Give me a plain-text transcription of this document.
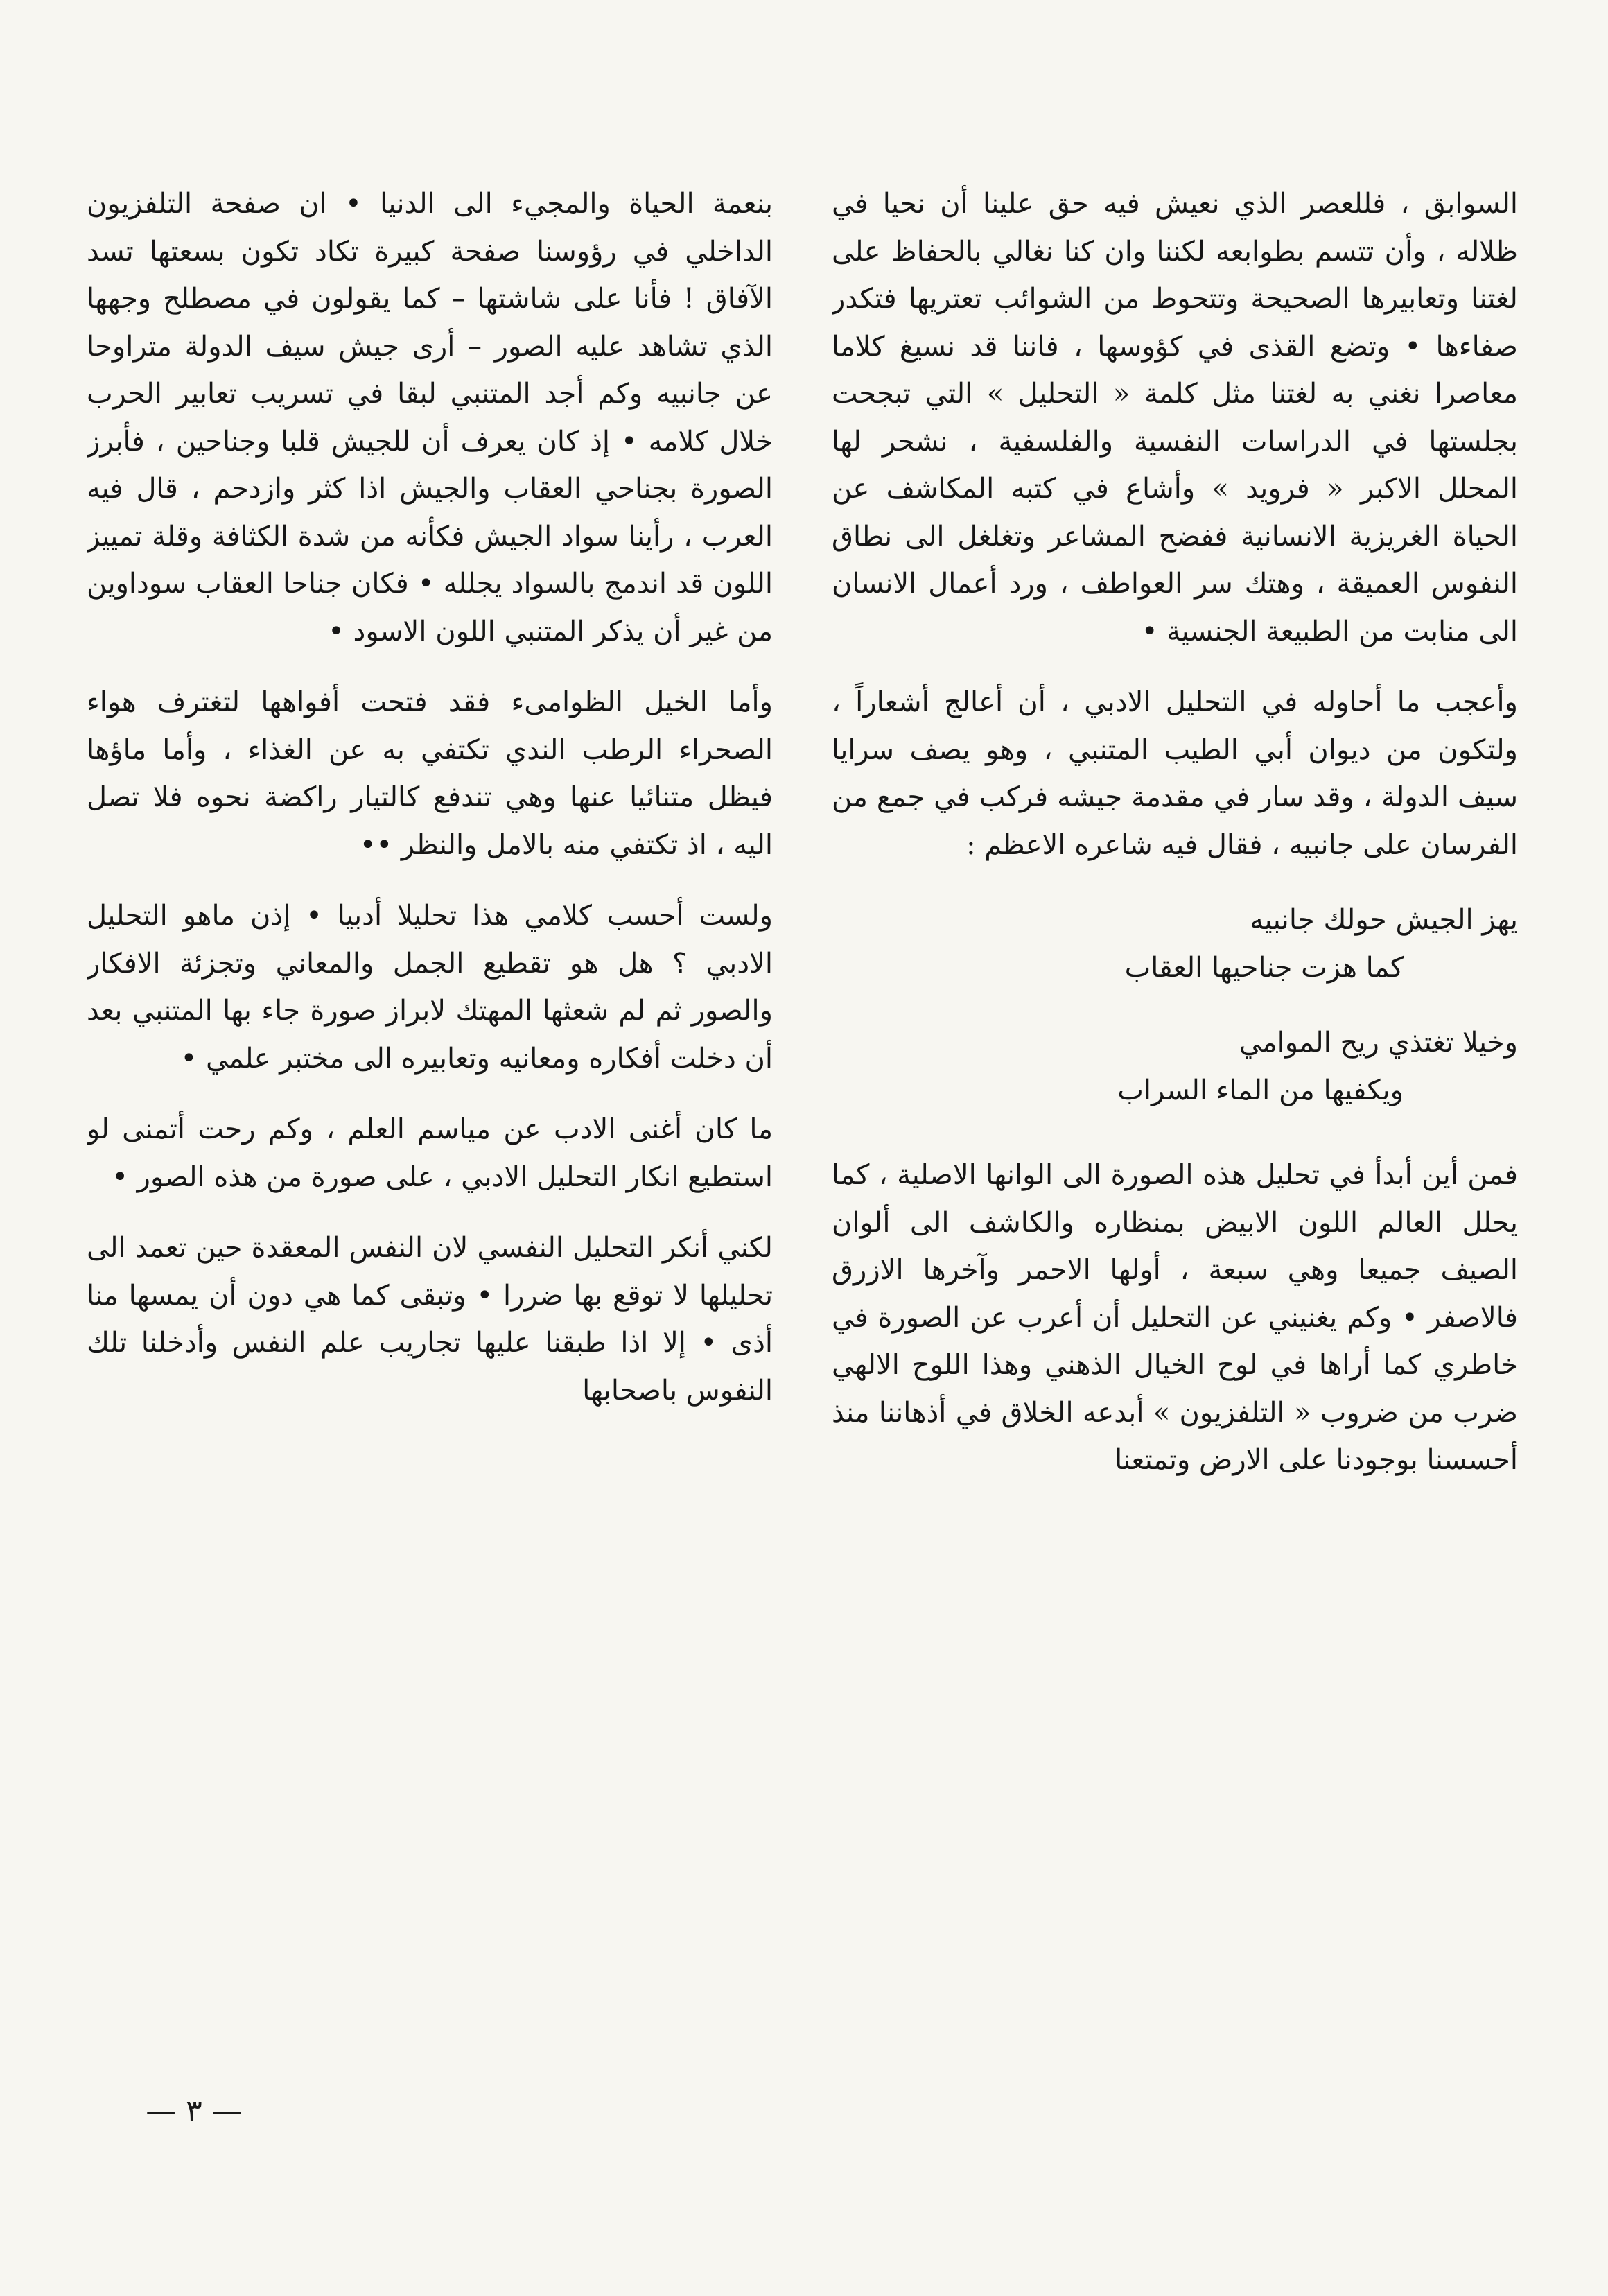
السوابق ، فللعصر الذي نعيش فيه حق علينا أن نحيا في ظلاله ، وأن تتسم بطوابعه لكننا وان كنا نغالي بالحفاظ على لغتنا وتعابيرها الصحيحة وتتحوط من الشوائب تعتريها فتكدر صفاءها • وتضع القذى في كؤوسها ، فاننا قد نسيغ كلاما معاصرا نغني به لغتنا مثل كلمة « التحليل » التي تبجحت بجلستها في الدراسات النفسية والفلسفية ، نشحر لها المحلل الاكبر « فرويد » وأشاع في كتبه المكاشف عن الحياة الغريزية الانسانية ففضح المشاعر وتغلغل الى نطاق النفوس العميقة ، وهتك سر العواطف ، ورد أعمال الانسان الى منابت من الطبيعة الجنسية •

وأعجب ما أحاوله في التحليل الادبي ، أن أعالج أشعاراً ، ولتكون من ديوان أبي الطيب المتنبي ، وهو يصف سرايا سيف الدولة ، وقد سار في مقدمة جيشه فركب في جمع من الفرسان على جانبيه ، فقال فيه شاعره الاعظم :

يهز الجيش حولك جانبيه

كما هزت جناحيها العقاب

وخيلا تغتذي ريح الموامي

ويكفيها من الماء السراب

فمن أين أبدأ في تحليل هذه الصورة الى الوانها الاصلية ، كما يحلل العالم اللون الابيض بمنظاره والكاشف الى ألوان الصيف جميعا وهي سبعة ، أولها الاحمر وآخرها الازرق فالاصفر • وكم يغنيني عن التحليل أن أعرب عن الصورة في خاطري كما أراها في لوح الخيال الذهني وهذا اللوح الالهي ضرب من ضروب « التلفزيون » أبدعه الخلاق في أذهاننا منذ أحسسنا بوجودنا على الارض وتمتعنا

بنعمة الحياة والمجيء الى الدنيا • ان صفحة التلفزيون الداخلي في رؤوسنا صفحة كبيرة تكاد تكون بسعتها تسد الآفاق ! فأنا على شاشتها – كما يقولون في مصطلح وجهها الذي تشاهد عليه الصور – أرى جيش سيف الدولة متراوحا عن جانبيه وكم أجد المتنبي لبقا في تسريب تعابير الحرب خلال كلامه • إذ كان يعرف أن للجيش قلبا وجناحين ، فأبرز الصورة بجناحي العقاب والجيش اذا كثر وازدحم ، قال فيه العرب ، رأينا سواد الجيش فكأنه من شدة الكثافة وقلة تمييز اللون قد اندمج بالسواد يجلله • فكان جناحا العقاب سوداوين من غير أن يذكر المتنبي اللون الاسود •

وأما الخيل الظوامىء فقد فتحت أفواهها لتغترف هواء الصحراء الرطب الندي تكتفي به عن الغذاء ، وأما ماؤها فيظل متنائيا عنها وهي تندفع كالتيار راكضة نحوه فلا تصل اليه ، اذ تكتفي منه بالامل والنظر ••

ولست أحسب كلامي هذا تحليلا أدبيا • إذن ماهو التحليل الادبي ؟ هل هو تقطيع الجمل والمعاني وتجزئة الافكار والصور ثم لم شعثها المهتك لابراز صورة جاء بها المتنبي بعد أن دخلت أفكاره ومعانيه وتعابيره الى مختبر علمي •

ما كان أغنى الادب عن مياسم العلم ، وكم رحت أتمنى لو استطيع انكار التحليل الادبي ، على صورة من هذه الصور •

لكني أنكر التحليل النفسي لان النفس المعقدة حين تعمد الى تحليلها لا توقع بها ضررا • وتبقى كما هي دون أن يمسها منا أذى • إلا اذا طبقنا عليها تجاريب علم النفس وأدخلنا تلك النفوس باصحابها

— ٣ —
